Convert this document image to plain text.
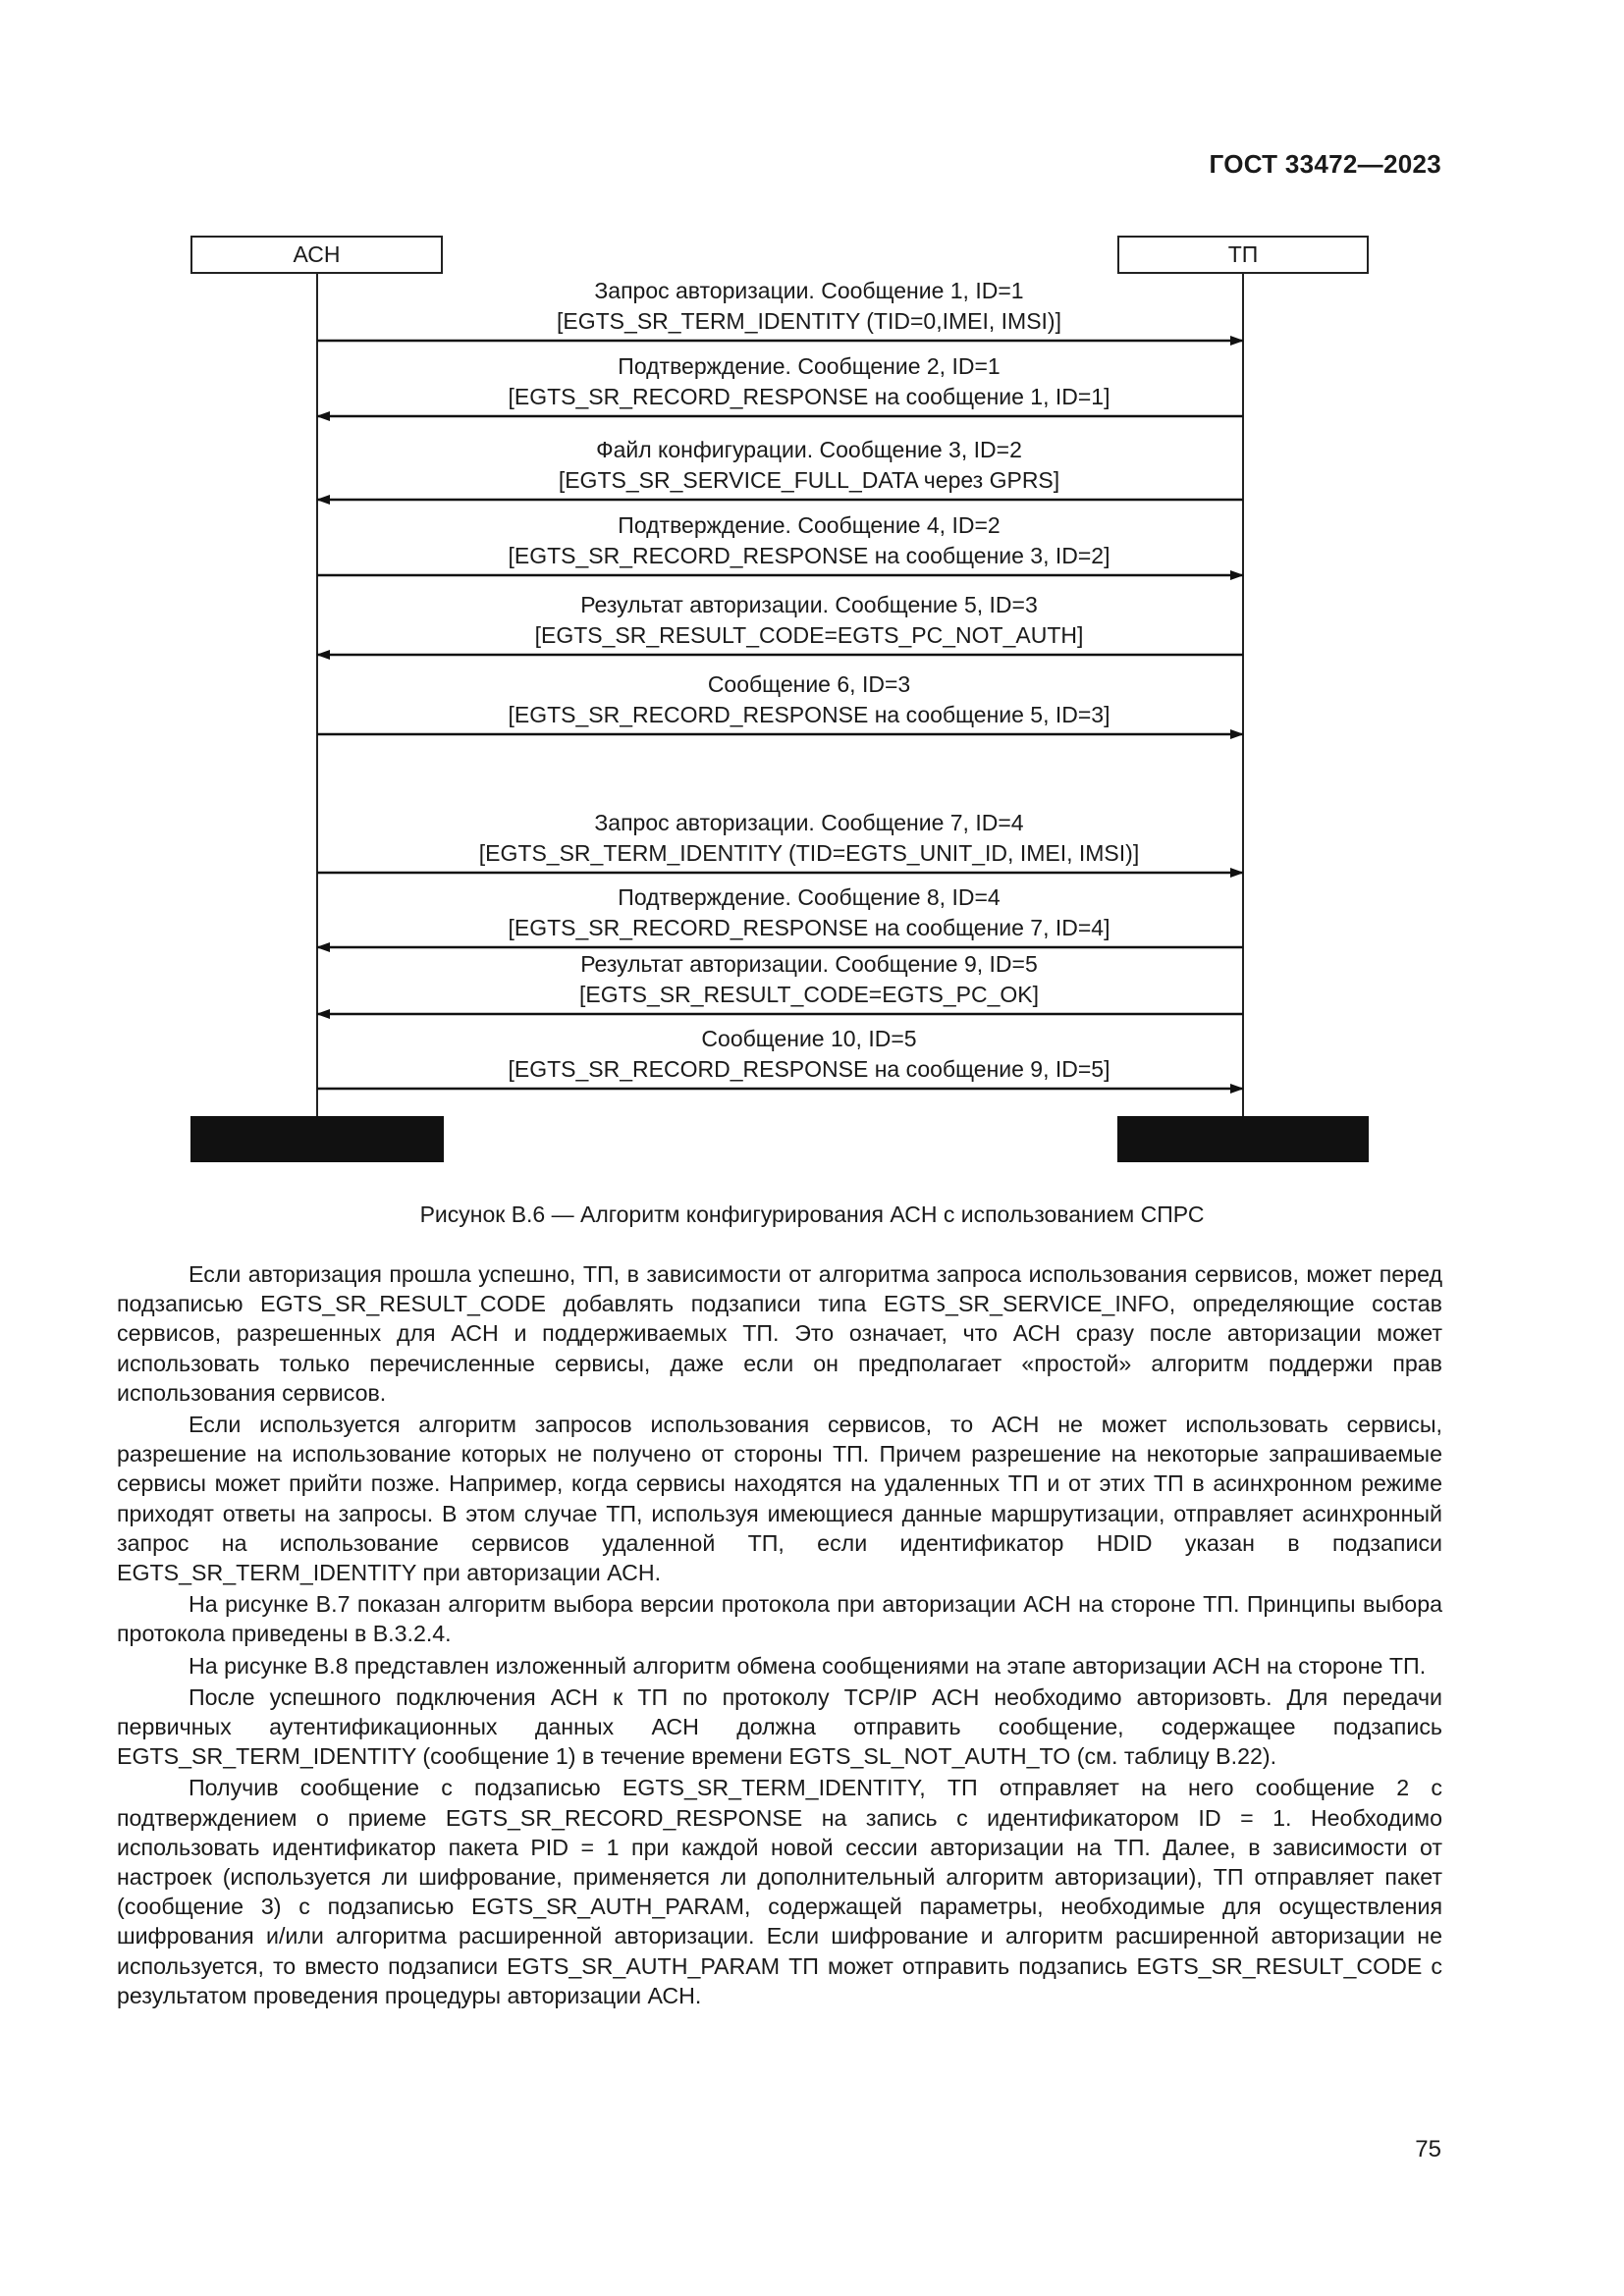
ГОСТ 33472—2023
АСН	ТП
Запрос авторизации. Сообщение 1, ID=1
[EGTS_SR_TERM_IDENTITY (TID=0,IMEI, IMSI)]
Подтверждение. Сообщение 2, ID=1
[EGTS_SR_RECORD_RESPONSE на сообщение 1, ID=1]
Файл конфигурации. Сообщение 3, ID=2
[EGTS_SR_SERVICE_FULL_DATA через GPRS]
Подтверждение. Сообщение 4, ID=2
[EGTS_SR_RECORD_RESPONSE на сообщение 3, ID=2]
Результат авторизации. Сообщение 5, ID=3
[EGTS_SR_RESULT_CODE=EGTS_PC_NOT_AUTH]
Сообщение 6, ID=3
[EGTS_SR_RECORD_RESPONSE на сообщение 5, ID=3]
Запрос авторизации. Сообщение 7, ID=4
[EGTS_SR_TERM_IDENTITY (TID=EGTS_UNIT_ID, IMEI, IMSI)]
Подтверждение. Сообщение 8, ID=4
[EGTS_SR_RECORD_RESPONSE на сообщение 7, ID=4]
Результат авторизации. Сообщение 9, ID=5
[EGTS_SR_RESULT_CODE=EGTS_PC_OK]
Сообщение 10, ID=5
[EGTS_SR_RECORD_RESPONSE на сообщение 9, ID=5]
Рисунок В.6 — Алгоритм конфигурирования АСН с использованием СПРС

Если авторизация прошла успешно, ТП, в зависимости от алгоритма запроса использования сервисов, может перед подзаписью EGTS_SR_RESULT_CODE добавлять подзаписи типа EGTS_SR_SERVICE_INFO, определяющие состав сервисов, разрешенных для АСН и поддерживаемых ТП. Это означает, что АСН сразу после авторизации может использовать только перечисленные сервисы, даже если он предполагает «простой» алгоритм поддержи прав использования сервисов.

Если используется алгоритм запросов использования сервисов, то АСН не может использовать сервисы, разрешение на использование которых не получено от стороны ТП. Причем разрешение на некоторые запрашиваемые сервисы может прийти позже. Например, когда сервисы находятся на удаленных ТП и от этих ТП в асинхронном режиме приходят ответы на запросы. В этом случае ТП, используя имеющиеся данные маршрутизации, отправляет асинхронный запрос на использование сервисов удаленной ТП, если идентификатор HDID указан в подзаписи EGTS_SR_TERM_IDENTITY при авторизации АСН.

На рисунке В.7 показан алгоритм выбора версии протокола при авторизации АСН на стороне ТП. Принципы выбора протокола приведены в В.3.2.4.

На рисунке В.8 представлен изложенный алгоритм обмена сообщениями на этапе авторизации АСН на стороне ТП.

После успешного подключения АСН к ТП по протоколу TCP/IP АСН необходимо авторизовть. Для передачи первичных аутентификационных данных АСН должна отправить сообщение, содержащее подзапись EGTS_SR_TERM_IDENTITY (сообщение 1) в течение времени EGTS_SL_NOT_AUTH_TO (см. таблицу В.22).

Получив сообщение с подзаписью EGTS_SR_TERM_IDENTITY, ТП отправляет на него сообщение 2 с подтверждением о приеме EGTS_SR_RECORD_RESPONSE на запись с идентификатором ID = 1. Необходимо использовать идентификатор пакета PID = 1 при каждой новой сессии авторизации на ТП. Далее, в зависимости от настроек (используется ли шифрование, применяется ли дополнительный алгоритм авторизации), ТП отправляет пакет (сообщение 3) с подзаписью EGTS_SR_AUTH_PARAM, содержащей параметры, необходимые для осуществления шифрования и/или алгоритма расширенной авторизации. Если шифрование и алгоритм расширенной авторизации не используется, то вместо подзаписи EGTS_SR_AUTH_PARAM ТП может отправить подзапись EGTS_SR_RESULT_CODE с результатом проведения процедуры авторизации АСН.

75
